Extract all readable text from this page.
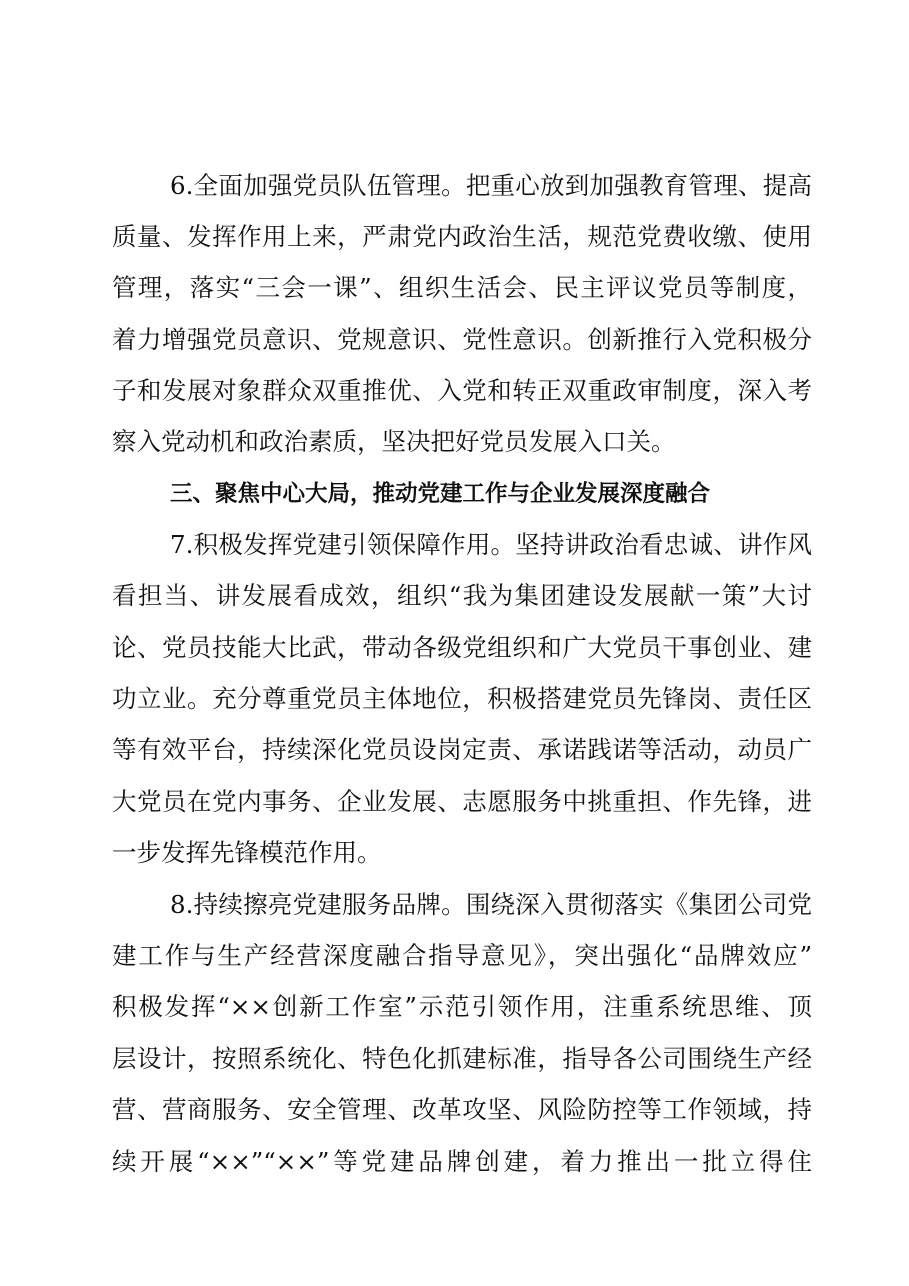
6.全面加强党员队伍管理。把重心放到加强教育管理、提高
质量、发挥作用上来，严肃党内政治生活，规范党费收缴、使用
管理，落实“三会一课”、组织生活会、民主评议党员等制度，
着力增强党员意识、党规意识、党性意识。创新推行入党积极分
子和发展对象群众双重推优、入党和转正双重政审制度，深入考
察入党动机和政治素质，坚决把好党员发展入口关。
三、聚焦中心大局，推动党建工作与企业发展深度融合
7.积极发挥党建引领保障作用。坚持讲政治看忠诚、讲作风
看担当、讲发展看成效，组织“我为集团建设发展献一策”大讨
论、党员技能大比武，带动各级党组织和广大党员干事创业、建
功立业。充分尊重党员主体地位，积极搭建党员先锋岗、责任区
等有效平台，持续深化党员设岗定责、承诺践诺等活动，动员广
大党员在党内事务、企业发展、志愿服务中挑重担、作先锋，进
一步发挥先锋模范作用。
8.持续擦亮党建服务品牌。围绕深入贯彻落实《集团公司党
建工作与生产经营深度融合指导意见》，突出强化“品牌效应”
积极发挥“××创新工作室”示范引领作用，注重系统思维、顶
层设计，按照系统化、特色化抓建标准，指导各公司围绕生产经
营、营商服务、安全管理、改革攻坚、风险防控等工作领域，持
续开展“××”“××”等党建品牌创建，着力推出一批立得住
